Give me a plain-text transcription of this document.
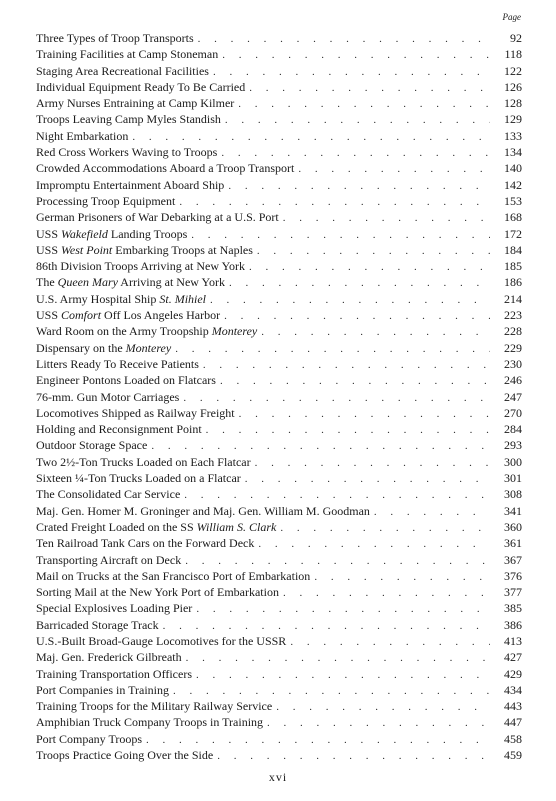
Page
Three Types of Troop Transports . . .	92
Training Facilities at Camp Stoneman . . .	118
Staging Area Recreational Facilities . . .	122
Individual Equipment Ready To Be Carried . . .	126
Army Nurses Entraining at Camp Kilmer . . .	128
Troops Leaving Camp Myles Standish . . .	129
Night Embarkation . . .	133
Red Cross Workers Waving to Troops . . .	134
Crowded Accommodations Aboard a Troop Transport . . .	140
Impromptu Entertainment Aboard Ship . . .	142
Processing Troop Equipment . . .	153
German Prisoners of War Debarking at a U.S. Port . . .	168
USS Wakefield Landing Troops . . .	172
USS West Point Embarking Troops at Naples . . .	184
86th Division Troops Arriving at New York . . .	185
The Queen Mary Arriving at New York . . .	186
U.S. Army Hospital Ship St. Mihiel . . .	214
USS Comfort Off Los Angeles Harbor . . .	223
Ward Room on the Army Troopship Monterey . . .	228
Dispensary on the Monterey . . .	229
Litters Ready To Receive Patients . . .	230
Engineer Pontons Loaded on Flatcars . . .	246
76-mm. Gun Motor Carriages . . .	247
Locomotives Shipped as Railway Freight . . .	270
Holding and Reconsignment Point . . .	284
Outdoor Storage Space . . .	293
Two 2½-Ton Trucks Loaded on Each Flatcar . . .	300
Sixteen ¼-Ton Trucks Loaded on a Flatcar . . .	301
The Consolidated Car Service . . .	308
Maj. Gen. Homer M. Groninger and Maj. Gen. William M. Goodman . . .	341
Crated Freight Loaded on the SS William S. Clark . . .	360
Ten Railroad Tank Cars on the Forward Deck . . .	361
Transporting Aircraft on Deck . . .	367
Mail on Trucks at the San Francisco Port of Embarkation . . .	376
Sorting Mail at the New York Port of Embarkation . . .	377
Special Explosives Loading Pier . . .	385
Barricaded Storage Track . . .	386
U.S.-Built Broad-Gauge Locomotives for the USSR . . .	413
Maj. Gen. Frederick Gilbreath . . .	427
Training Transportation Officers . . .	429
Port Companies in Training . . .	434
Training Troops for the Military Railway Service . . .	443
Amphibian Truck Company Troops in Training . . .	447
Port Company Troops . . .	458
Troops Practice Going Over the Side . . .	459
xvi
